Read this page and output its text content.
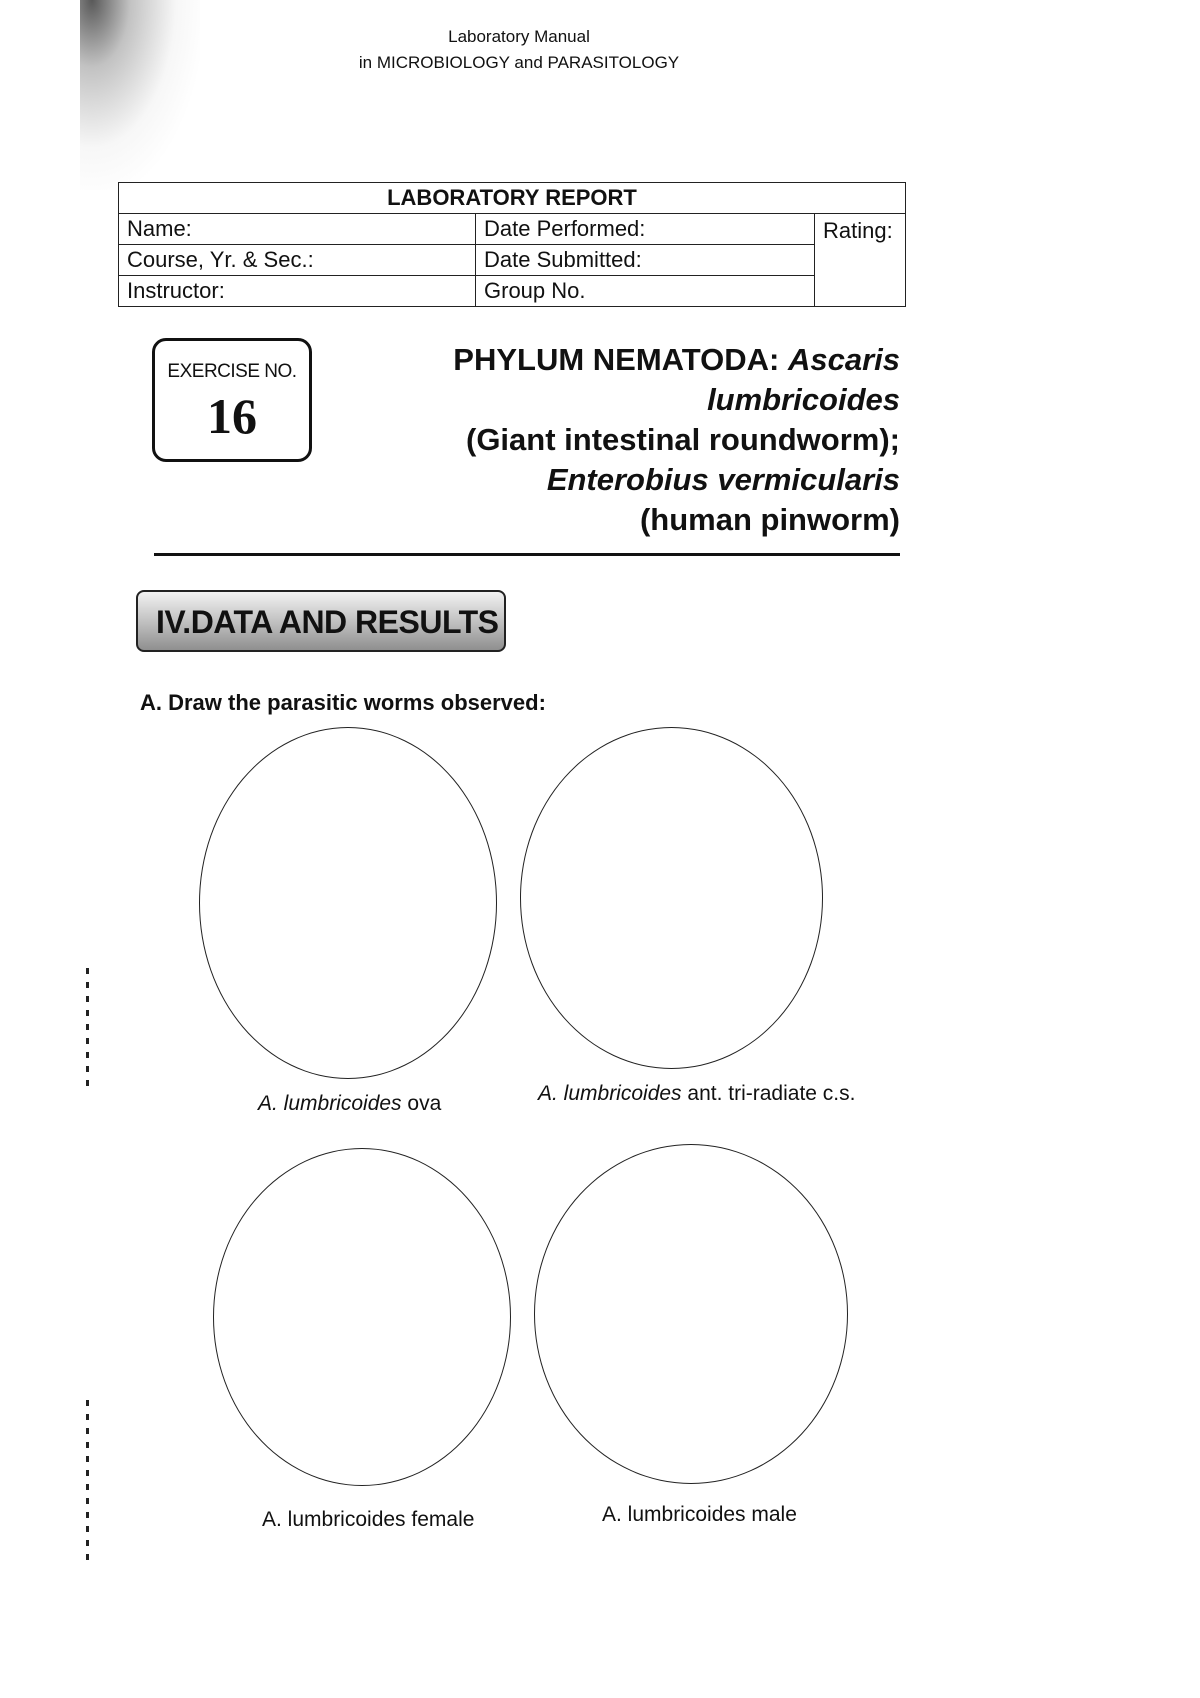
Laboratory Manual
in MICROBIOLOGY and PARASITOLOGY
LABORATORY REPORT		
Name:	Date Performed:	Rating:
Course, Yr. & Sec.:	Date Submitted:	
Instructor:	Group No.	
EXERCISE NO.
16
PHYLUM NEMATODA: Ascaris
lumbricoides
(Giant intestinal roundworm);
Enterobius vermicularis
(human pinworm)
IV.DATA AND RESULTS
A. Draw the parasitic worms observed:
A. lumbricoides ova	A. lumbricoides ant. tri-radiate c.s.
A. lumbricoides female	A. lumbricoides male
